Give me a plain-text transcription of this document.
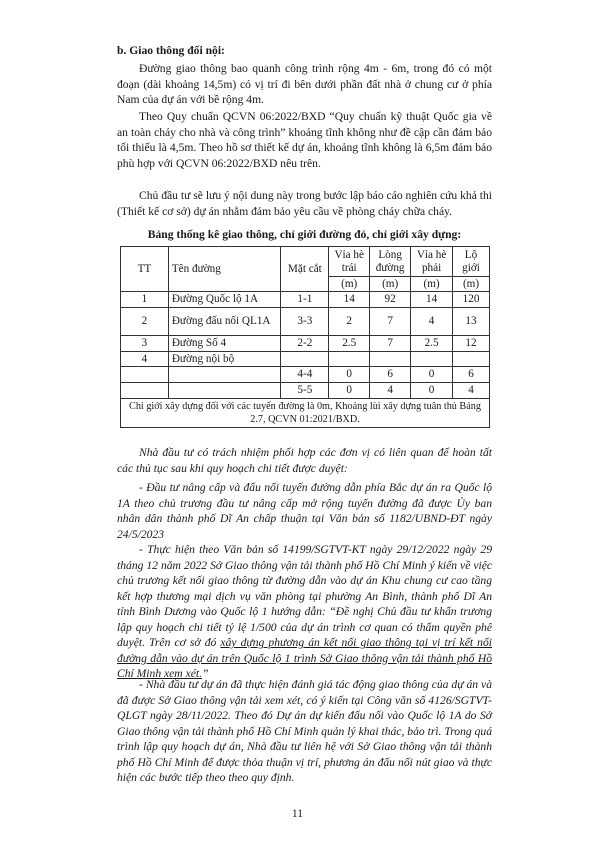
b. Giao thông đối nội:

Đường giao thông bao quanh công trình rộng 4m - 6m, trong đó có một đoạn (dài khoảng 14,5m) có vị trí đi bên dưới phần đất nhà ở chung cư ở phía Nam của dự án với bề rộng 4m.

Theo Quy chuẩn QCVN 06:2022/BXD “Quy chuẩn kỹ thuật Quốc gia về an toàn cháy cho nhà và công trình” khoảng tĩnh không như đề cập cần đảm bảo tối thiểu là 4,5m. Theo hồ sơ thiết kế dự án, khoảng tĩnh không là 6,5m đảm bảo phù hợp với QCVN 06:2022/BXD nêu trên.

Chủ đầu tư sẽ lưu ý nội dung này trong bước lập báo cáo nghiên cứu khả thi (Thiết kế cơ sở) dự án nhằm đảm bảo yêu cầu về phòng cháy chữa cháy.

Bảng thống kê giao thông, chỉ giới đường đỏ, chỉ giới xây dựng:

TT	Tên đường	Mặt cắt	Vỉa hè trái	Lòng đường	Vỉa hè phải	Lộ giới
			(m)	(m)	(m)	(m)
1	Đường Quốc lộ 1A	1-1	14	92	14	120
2	Đường đấu nối QL1A	3-3	2	7	4	13
3	Đường Số 4	2-2	2.5	7	2.5	12
4	Đường nội bộ					
		4-4	0	6	0	6
		5-5	0	4	0	4
Chỉ giới xây dựng đối với các tuyến đường là 0m, Khoảng lùi xây dựng tuân thủ Bảng 2.7, QCVN 01:2021/BXD.						

Nhà đầu tư có trách nhiệm phối hợp các đơn vị có liên quan để hoàn tất các thủ tục sau khi quy hoạch chi tiết được duyệt:

- Đầu tư nâng cấp và đấu nối tuyến đường dẫn phía Bắc dự án ra Quốc lộ 1A theo chủ trương đầu tư nâng cấp mở rộng tuyến đường đã được Ủy ban nhân dân thành phố Dĩ An chấp thuận tại Văn bản số 1182/UBND-ĐT ngày 24/5/2023

- Thực hiện theo Văn bản số 14199/SGTVT-KT ngày 29/12/2022 ngày 29 tháng 12 năm 2022 Sở Giao thông vận tải thành phố Hồ Chí Minh ý kiến về việc chủ trương kết nối giao thông từ đường dẫn vào dự án Khu chung cư cao tầng kết hợp thương mại dịch vụ văn phòng tại phường An Bình, thành phố Dĩ An tỉnh Bình Dương vào Quốc lộ 1 hướng dẫn: “Đề nghị Chủ đầu tư khẩn trương lập quy hoạch chi tiết tỷ lệ 1/500 của dự án trình cơ quan có thẩm quyền phê duyệt. Trên cơ sở đó xây dựng phương án kết nối giao thông tại vị trí kết nối đường dẫn vào dự án trên Quốc lộ 1 trình Sở Giao thông vận tải thành phố Hồ Chí Minh xem xét.”

- Nhà đầu tư dự án đã thực hiện đánh giá tác động giao thông của dự án và đã được Sở Giao thông vận tải xem xét, có ý kiến tại Công văn số 4126/SGTVT-QLGT ngày 28/11/2022. Theo đó Dự án dự kiến đấu nối vào Quốc lộ 1A do Sở Giao thông vận tải thành phố Hồ Chí Minh quản lý khai thác, bảo trì. Trong quá trình lập quy hoạch dự án, Nhà đầu tư liên hệ với Sở Giao thông vận tải thành phố Hồ Chí Minh để được thỏa thuận vị trí, phương án đấu nối nút giao và thực hiện các bước tiếp theo theo quy định.

11
